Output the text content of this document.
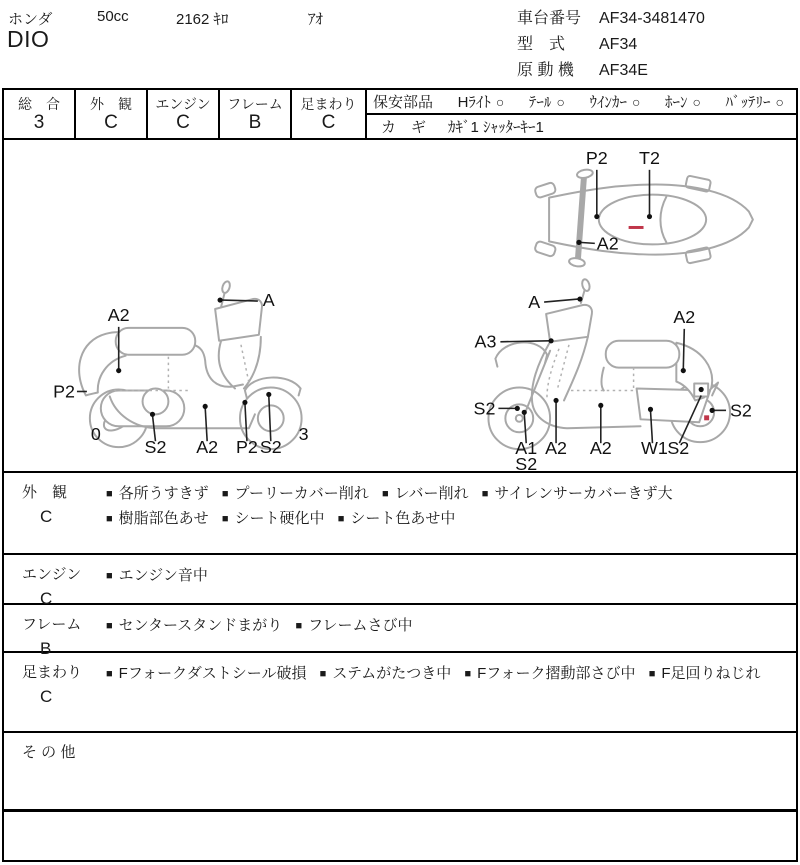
ホンダ	50cc	2162 ｷﾛ	ｱｵ
DIO
車台番号 AF34-3481470
型　式 AF34
原 動 機 AF34E
総　合
3
外　観
C
エンジン
C
フレーム
B
足まわり
C
保安部品 Hﾗｲﾄ ○ ﾃｰﾙ ○ ｳｲﾝｶｰ ○ ﾎｰﾝ ○ ﾊﾞｯﾃﾘｰ ○
カ　ギ ｶｷﾞ1 ｼｬｯﾀｰｷｰ1
P2 T2
A2
A2
A
P2
0
S2 A2 P2 S2
3
A
A3
A2
S2
A1
S2
A2 A2 W1 S2
S2
外　観
C
■ 各所うすきず ■ プーリーカバー削れ ■ レバー削れ ■ サイレンサーカバーきず大 ■ 樹脂部色あせ ■ シート硬化中 ■ シート色あせ中
エンジン
C
■ エンジン音中
フレーム
B
■ センタースタンドまがり ■ フレームさび中
足まわり
C
■ Fフォークダストシール破損 ■ ステムがたつき中 ■ Fフォーク摺動部さび中 ■ F足回りねじれ
そ の 他
